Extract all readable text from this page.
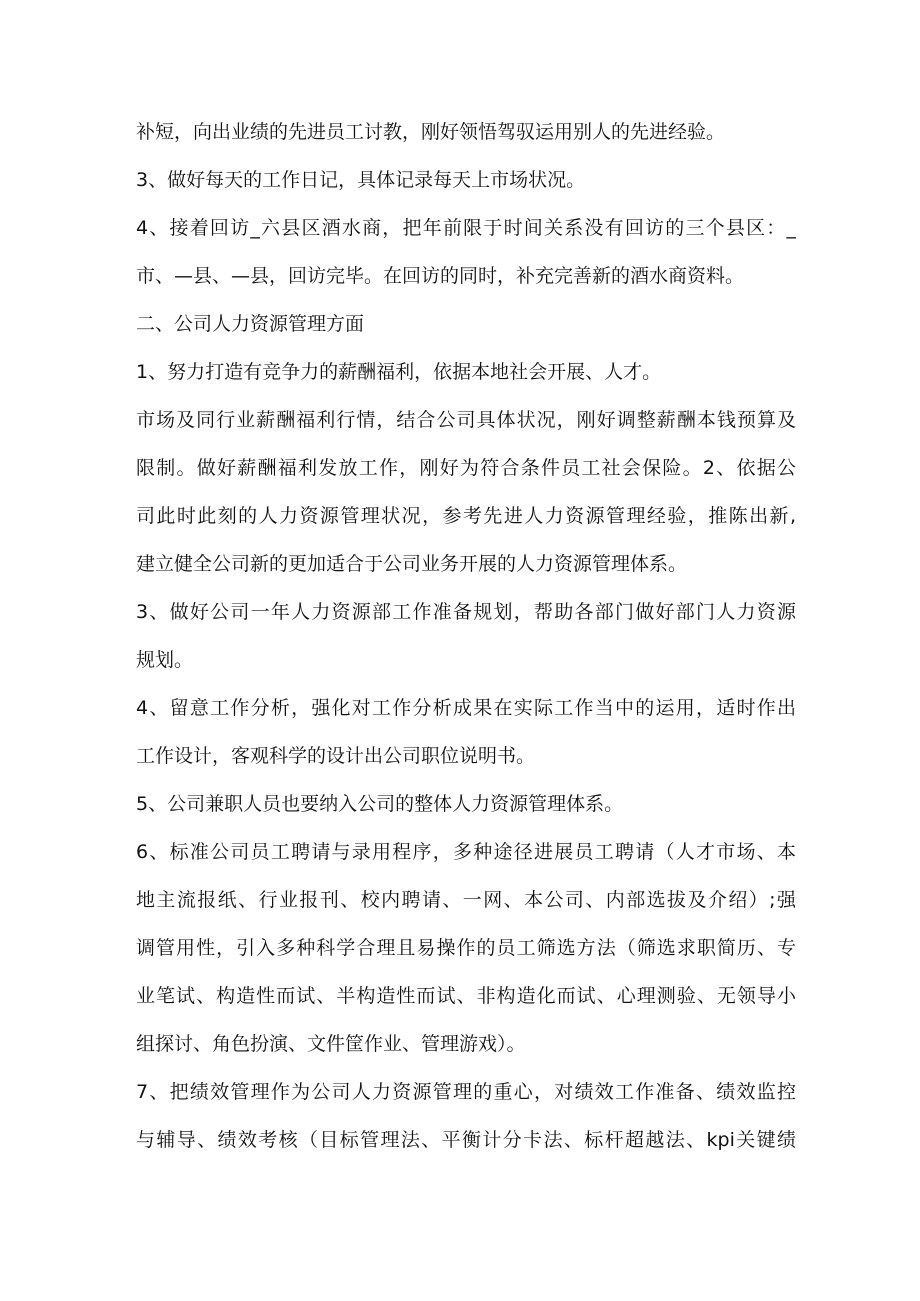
补短，向出业绩的先进员工讨教，刚好领悟驾驭运用别人的先进经验。
3、做好每天的工作日记，具体记录每天上市场状况。
4、接着回访_六县区酒水商，把年前限于时间关系没有回访的三个县区：_
市、—县、—县，回访完毕。在回访的同时，补充完善新的酒水商资料。
二、公司人力资源管理方面
1、努力打造有竞争力的薪酬福利，依据本地社会开展、人才。
市场及同行业薪酬福利行情，结合公司具体状况，刚好调整薪酬本钱预算及
限制。做好薪酬福利发放工作，刚好为符合条件员工社会保险。2、依据公
司此时此刻的人力资源管理状况，参考先进人力资源管理经验，推陈出新,
建立健全公司新的更加适合于公司业务开展的人力资源管理体系。
3、做好公司一年人力资源部工作准备规划，帮助各部门做好部门人力资源
规划。
4、留意工作分析，强化对工作分析成果在实际工作当中的运用，适时作出
工作设计，客观科学的设计出公司职位说明书。
5、公司兼职人员也要纳入公司的整体人力资源管理体系。
6、标准公司员工聘请与录用程序，多种途径进展员工聘请（人才市场、本
地主流报纸、行业报刊、校内聘请、一网、本公司、内部选拔及介绍）;强
调管用性，引入多种科学合理且易操作的员工筛选方法（筛选求职简历、专
业笔试、构造性而试、半构造性而试、非构造化而试、心理测验、无领导小
组探讨、角色扮演、文件筐作业、管理游戏）。
7、把绩效管理作为公司人力资源管理的重心，对绩效工作准备、绩效监控
与辅导、绩效考核（目标管理法、平衡计分卡法、标杆超越法、kpi关键绩
